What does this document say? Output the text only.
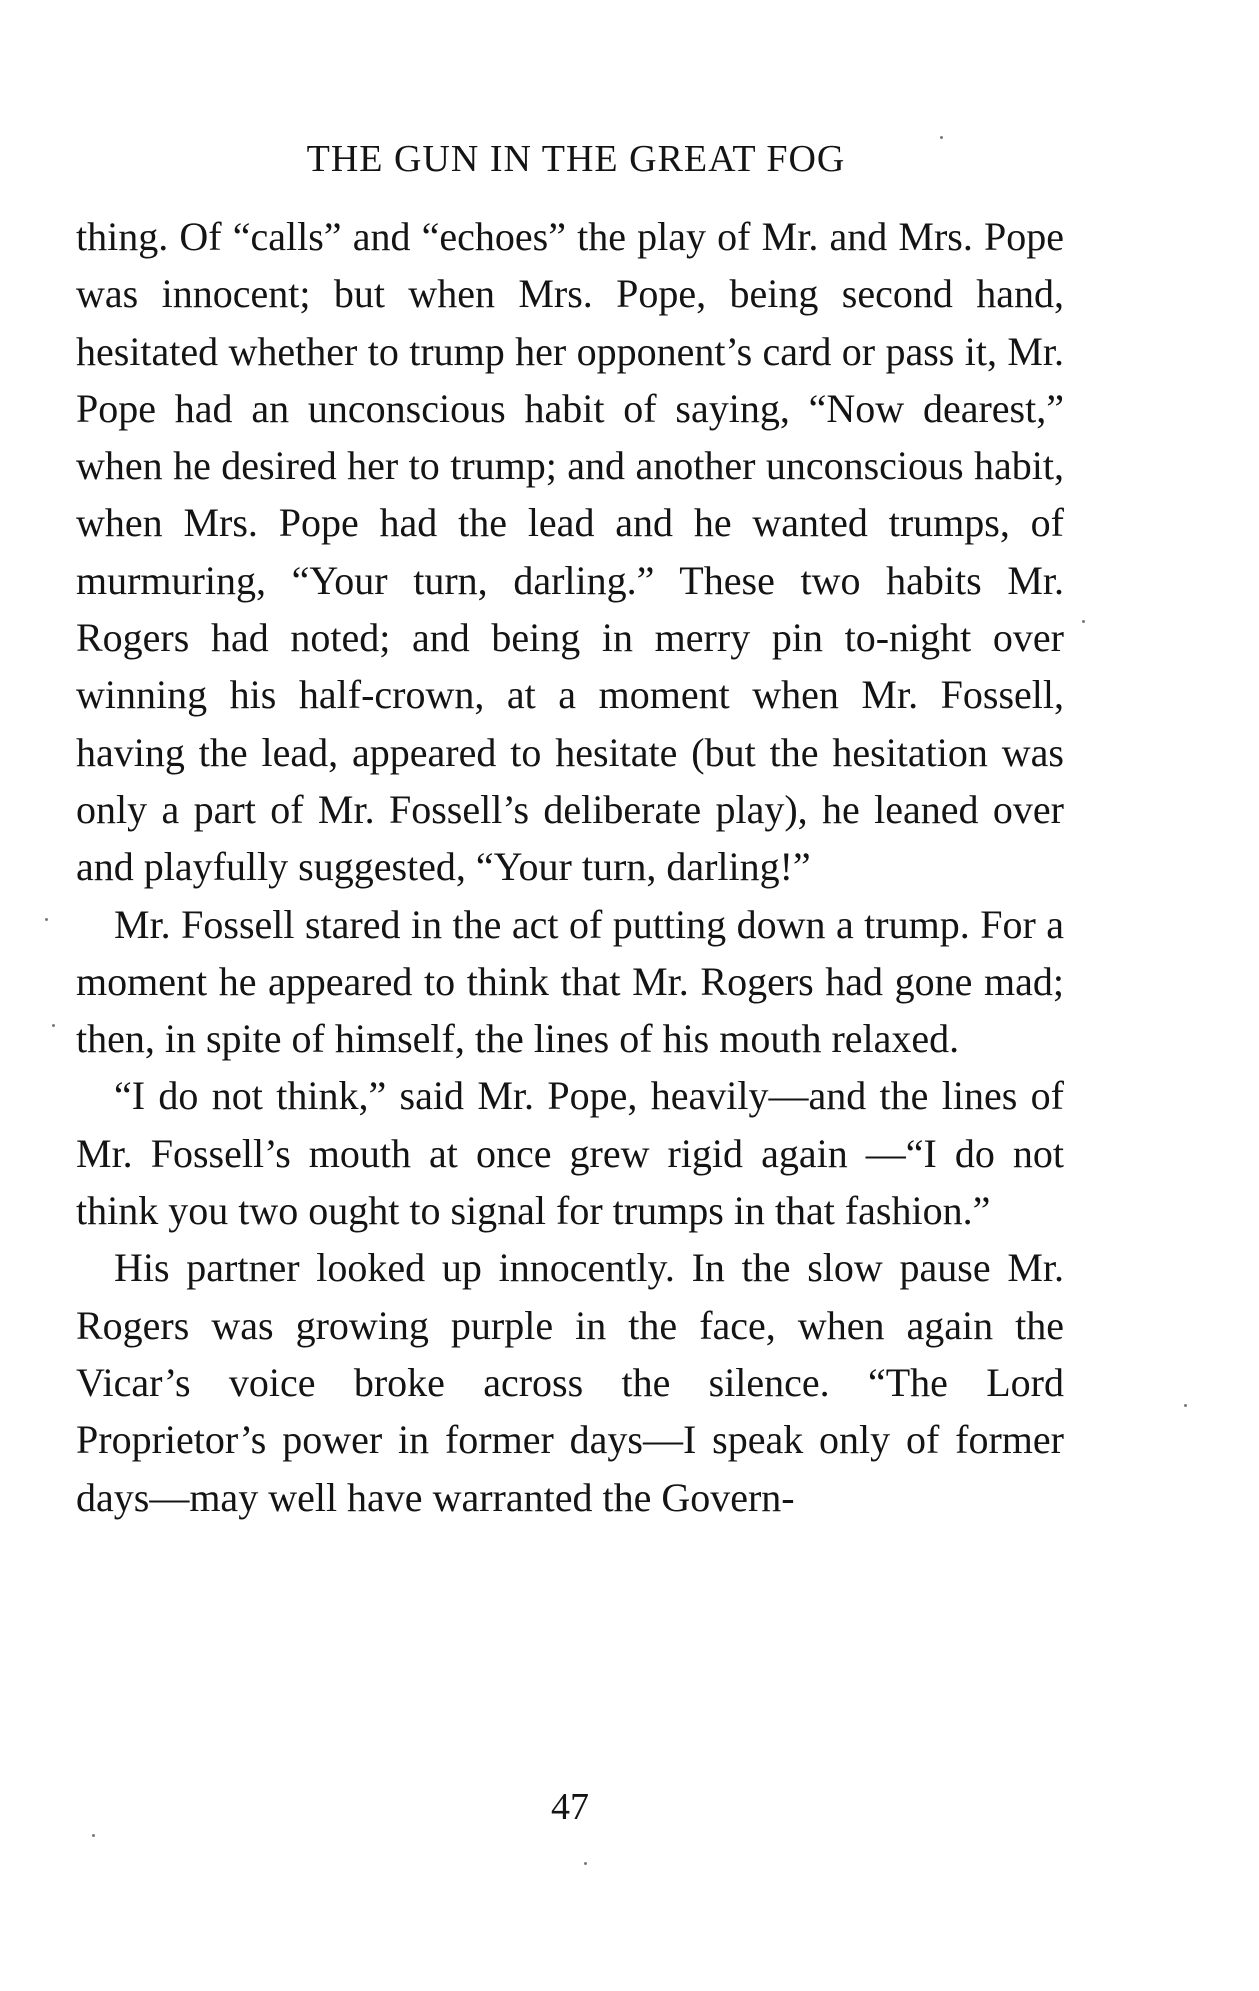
THE GUN IN THE GREAT FOG

thing. Of “calls” and “echoes” the play of Mr. and Mrs. Pope was innocent; but when Mrs. Pope, being second hand, hesitated whether to trump her opponent’s card or pass it, Mr. Pope had an unconscious habit of saying, “Now dearest,” when he desired her to trump; and another unconscious habit, when Mrs. Pope had the lead and he wanted trumps, of murmuring, “Your turn, darling.” These two habits Mr. Rogers had noted; and being in merry pin to-night over winning his half-crown, at a moment when Mr. Fossell, having the lead, appeared to hesitate (but the hesitation was only a part of Mr. Fossell’s deliberate play), he leaned over and playfully suggested, “Your turn, darling!”

Mr. Fossell stared in the act of putting down a trump. For a moment he appeared to think that Mr. Rogers had gone mad; then, in spite of himself, the lines of his mouth relaxed.

“I do not think,” said Mr. Pope, heavily—and the lines of Mr. Fossell’s mouth at once grew rigid again —“I do not think you two ought to signal for trumps in that fashion.”

His partner looked up innocently. In the slow pause Mr. Rogers was growing purple in the face, when again the Vicar’s voice broke across the silence. “The Lord Proprietor’s power in former days—I speak only of former days—may well have warranted the Govern-

47
